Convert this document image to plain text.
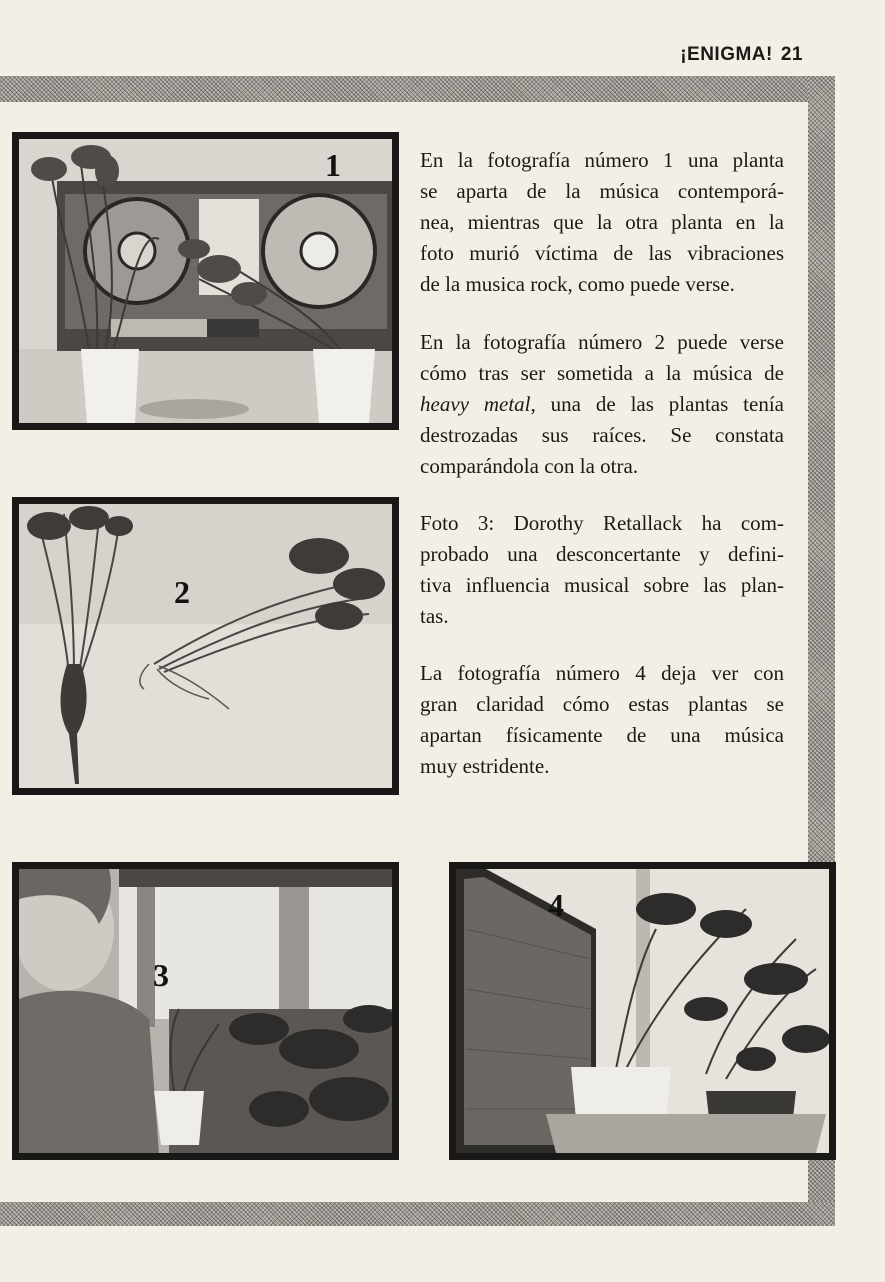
¡ENIGMA! 21
1
2
3
4
En la fotografía número 1 una planta
se aparta de la música contemporá-
nea, mientras que la otra planta en la
foto murió víctima de las vibraciones
de la musica rock, como puede verse.
En la fotografía número 2 puede verse
cómo tras ser sometida a la música de
heavy metal, una de las plantas tenía
destrozadas sus raíces. Se constata
comparándola con la otra.
Foto 3: Dorothy Retallack ha com-
probado una desconcertante y defini-
tiva influencia musical sobre las plan-
tas.
La fotografía número 4 deja ver con
gran claridad cómo estas plantas se
apartan físicamente de una música
muy estridente.
